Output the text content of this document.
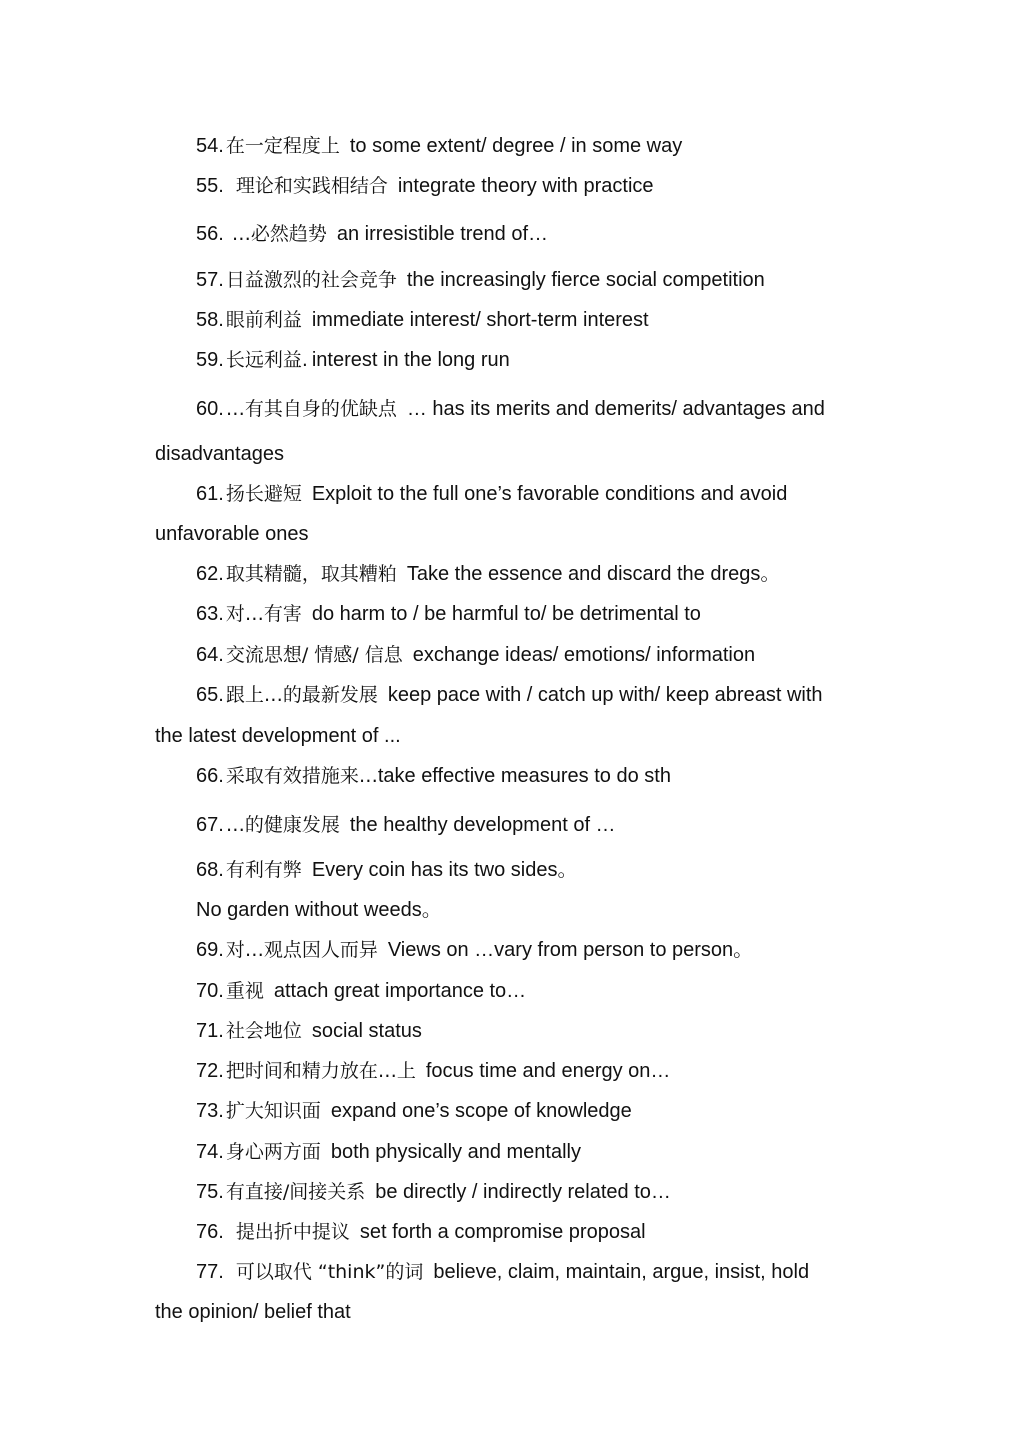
54. 在一定程度上 to some extent/ degree / in some way
55. 理论和实践相结合 integrate theory with practice
56. …必然趋势 an irresistible trend of…
57. 日益激烈的社会竞争 the increasingly fierce social competition
58. 眼前利益 immediate interest/ short-term interest
59. 长远利益. interest in the long run
60. …有其自身的优缺点 … has its merits and demerits/ advantages and
disadvantages
61. 扬长避短 Exploit to the full one’s favorable conditions and avoid
unfavorable ones
62. 取其精髓，取其糟粕 Take the essence and discard the dregs。
63. 对…有害 do harm to / be harmful to/ be detrimental to
64. 交流思想/ 情感/ 信息 exchange ideas/ emotions/ information
65. 跟上…的最新发展 keep pace with / catch up with/ keep abreast with
the latest development of ...
66. 采取有效措施来…take effective measures to do sth
67. …的健康发展 the healthy development of …
68. 有利有弊 Every coin has its two sides。
No garden without weeds。
69. 对…观点因人而异 Views on …vary from person to person。
70. 重视 attach great importance to…
71. 社会地位 social status
72. 把时间和精力放在…上 focus time and energy on…
73. 扩大知识面 expand one’s scope of knowledge
74. 身心两方面 both physically and mentally
75. 有直接/间接关系 be directly / indirectly related to…
76. 提出折中提议 set forth a compromise proposal
77. 可以取代 “think”的词 believe, claim, maintain, argue, insist, hold
the opinion/ belief that
